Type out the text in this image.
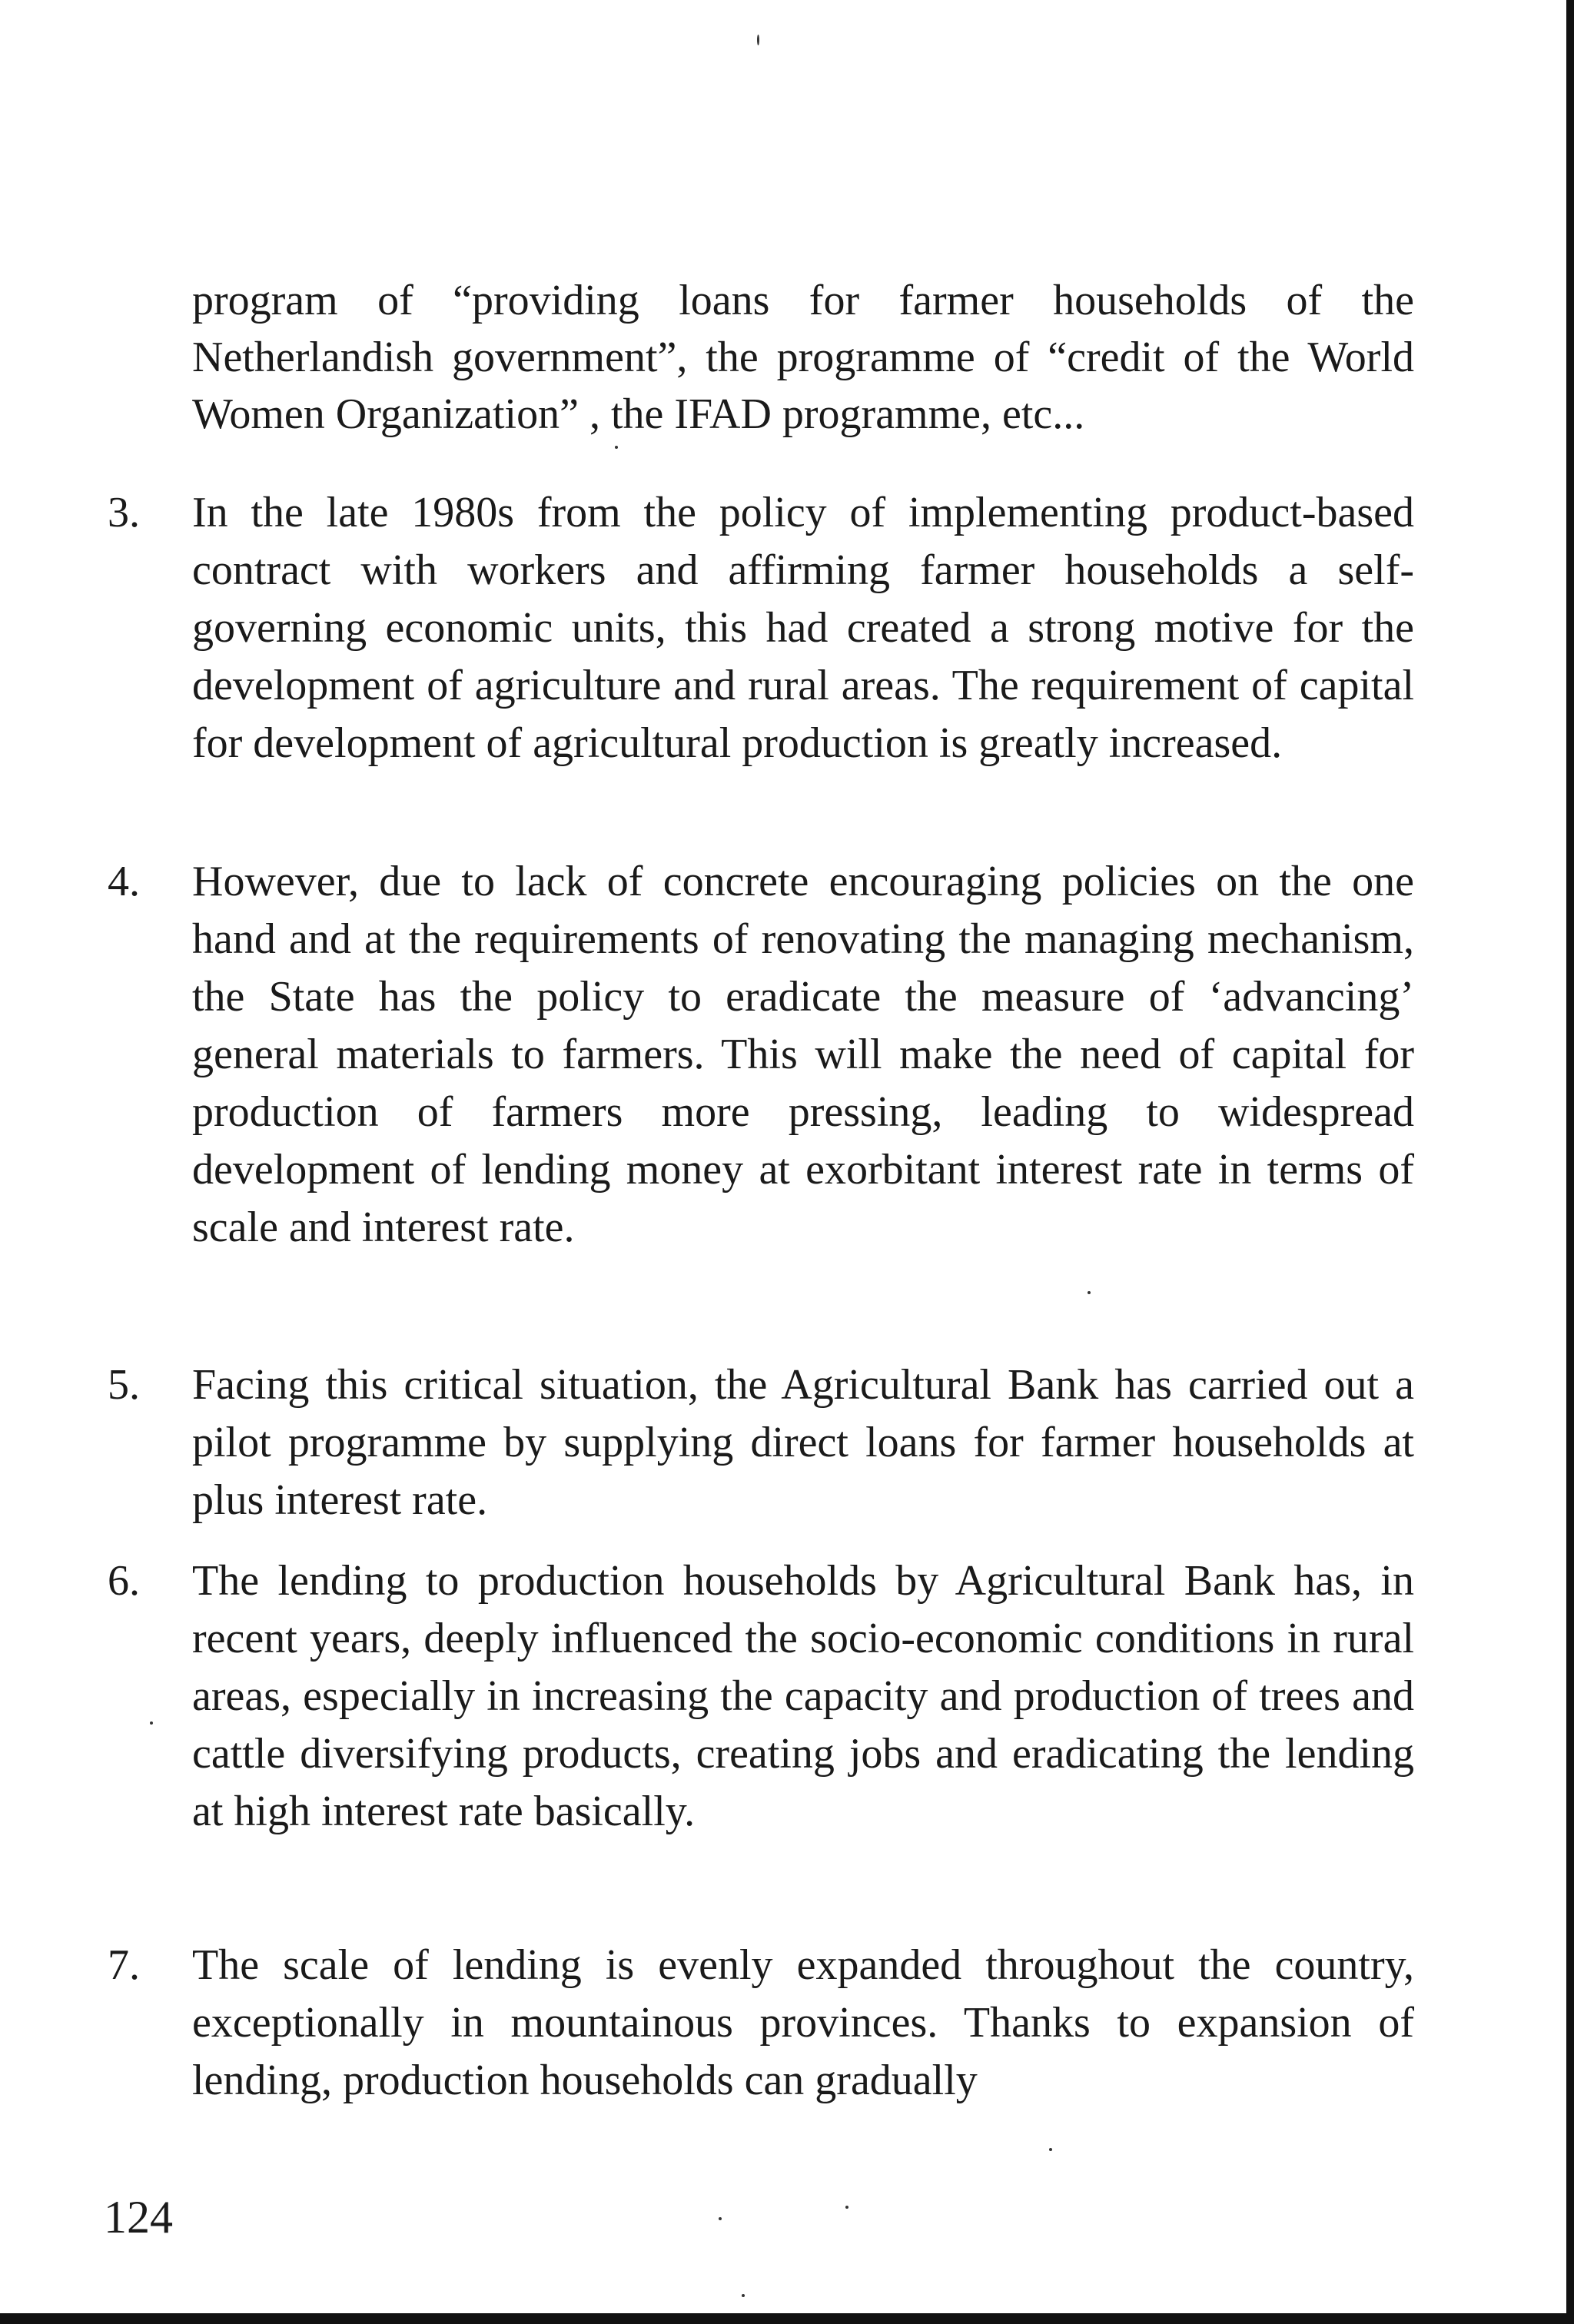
program of “providing loans for farmer households of the Netherlandish government”, the programme of “credit of the World Women Organization” , the IFAD programme, etc...

3.	In the late 1980s from the policy of implementing product-based contract with workers and affirming farmer households a self-governing economic units, this had created a strong motive for the development of agriculture and rural areas. The requirement of capital for development of agricultural production is greatly increased.
4.	However, due to lack of concrete encouraging policies on the one hand and at the requirements of renovating the managing mechanism, the State has the policy to eradicate the measure of ‘advancing’ general materials to farmers. This will make the need of capital for production of farmers more pressing, leading to widespread development of lending money at exorbitant interest rate in terms of scale and interest rate.
5.	Facing this critical situation, the Agricultural Bank has carried out a pilot programme by supplying direct loans for farmer households at plus interest rate.
6.	The lending to production households by Agricultural Bank has, in recent years, deeply influenced the socio-economic conditions in rural areas, especially in increasing the capacity and production of trees and cattle diversifying products, creating jobs and eradicating the lending at high interest rate basically.
7.	The scale of lending is evenly expanded throughout the country, exceptionally in mountainous provinces. Thanks to expansion of lending, production households can gradually
124
